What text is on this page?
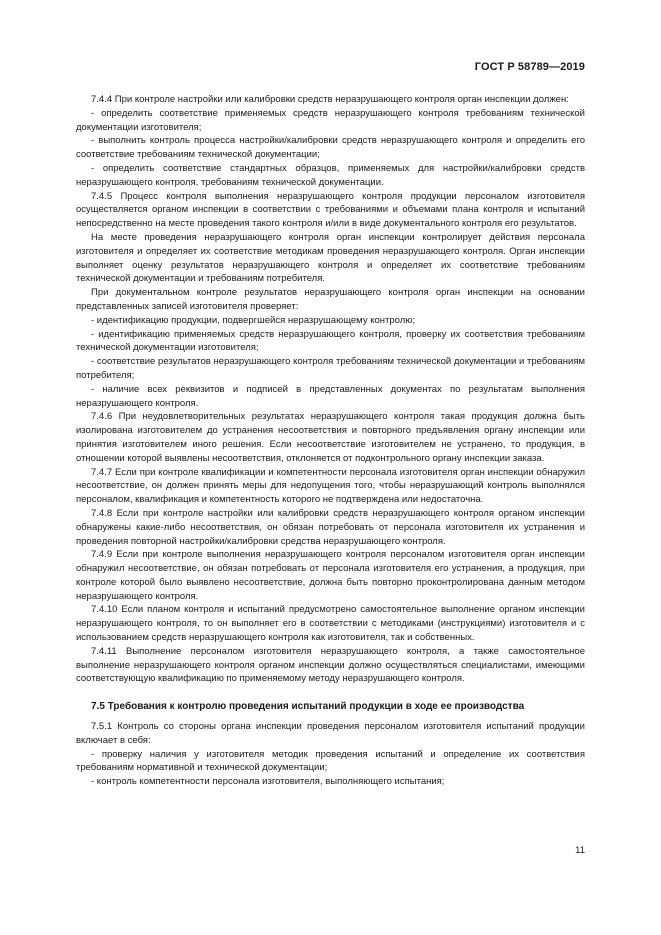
ГОСТ Р 58789—2019

7.4.4 При контроле настройки или калибровки средств неразрушающего контроля орган инспекции должен:

- определить соответствие применяемых средств неразрушающего контроля требованиям технической документации изготовителя;

- выполнить контроль процесса настройки/калибровки средств неразрушающего контроля и определить его соответствие требованиям технической документации;

- определить соответствие стандартных образцов, применяемых для настройки/калибровки средств неразрушающего контроля, требованиям технической документации.

7.4.5 Процесс контроля выполнения неразрушающего контроля продукции персоналом изготовителя осуществляется органом инспекции в соответствии с требованиями и объемами плана контроля и испытаний непосредственно на месте проведения такого контроля и/или в виде документального контроля его результатов.

На месте проведения неразрушающего контроля орган инспекции контролирует действия персонала изготовителя и определяет их соответствие методикам проведения неразрушающего контроля. Орган инспекции выполняет оценку результатов неразрушающего контроля и определяет их соответствие требованиям технической документации и требованиям потребителя.

При документальном контроле результатов неразрушающего контроля орган инспекции на основании представленных записей изготовителя проверяет:

- идентификацию продукции, подвергшейся неразрушающему контролю;

- идентификацию применяемых средств неразрушающего контроля, проверку их соответствия требованиям технической документации изготовителя;

- соответствие результатов неразрушающего контроля требованиям технической документации и требованиям потребителя;

- наличие всех реквизитов и подписей в представленных документах по результатам выполнения неразрушающего контроля.

7.4.6 При неудовлетворительных результатах неразрушающего контроля такая продукция должна быть изолирована изготовителем до устранения несоответствия и повторного предъявления органу инспекции или принятия изготовителем иного решения. Если несоответствие изготовителем не устранено, то продукция, в отношении которой выявлены несоответствия, отклоняется от подконтрольного органу инспекции заказа.

7.4.7 Если при контроле квалификации и компетентности персонала изготовителя орган инспекции обнаружил несоответствие, он должен принять меры для недопущения того, чтобы неразрушающий контроль выполнялся персоналом, квалификация и компетентность которого не подтверждена или недостаточна.

7.4.8 Если при контроле настройки или калибровки средств неразрушающего контроля органом инспекции обнаружены какие-либо несоответствия, он обязан потребовать от персонала изготовителя их устранения и проведения повторной настройки/калибровки средства неразрушающего контроля.

7.4.9 Если при контроле выполнения неразрушающего контроля персоналом изготовителя орган инспекции обнаружил несоответствие, он обязан потребовать от персонала изготовителя его устранения, а продукция, при контроле которой было выявлено несоответствие, должна быть повторно проконтролирована данным методом неразрушающего контроля.

7.4.10 Если планом контроля и испытаний предусмотрено самостоятельное выполнение органом инспекции неразрушающего контроля, то он выполняет его в соответствии с методиками (инструкциями) изготовителя и с использованием средств неразрушающего контроля как изготовителя, так и собственных.

7.4.11 Выполнение персоналом изготовителя неразрушающего контроля, а также самостоятельное выполнение неразрушающего контроля органом инспекции должно осуществляться специалистами, имеющими соответствующую квалификацию по применяемому методу неразрушающего контроля.

7.5 Требования к контролю проведения испытаний продукции в ходе ее производства

7.5.1 Контроль со стороны органа инспекции проведения персоналом изготовителя испытаний продукции включает в себя:

- проверку наличия у изготовителя методик проведения испытаний и определение их соответствия требованиям нормативной и технической документации;

- контроль компетентности персонала изготовителя, выполняющего испытания;

11
